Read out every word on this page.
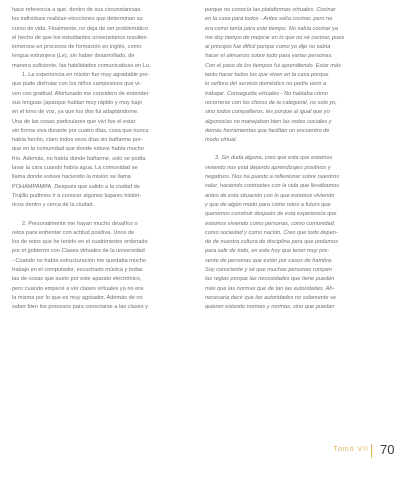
hace referencia a que, dentro de sus circunstancias,

los individuos realizan elecciones que determinan su

curso de vida. Finalmente, no deja de ser problemático

el hecho de que los estudiantes universitarios resulten

inmersos en procesos de formación en inglés, como

lengua extranjera (Le), sin haber desarrollado, de

manera suficiente, las habilidades comunicativas en Lu.

1. La experiencia en misión fue muy agradable por-

que pude disfrutar con los niños campesinos que vi-

ven con gratitud. Afortunado me considero de entender

sus lenguas (aparque hablan muy rápido y muy bajo

en el tono de voz, ya que los dos fui adaptándome.

Una de las cosas particulares que viví fue el estar

sin forma viva durante por cuatro días, cosa que nunca

había hecho, claro todos esos días sin bañarme por-

que en la comunidad que donde estuve había mucho

frío. Además, no había donde bañarme, solo se podía

lavar la cara cuando había agua. La comunidad se

llama donde estuve haciendo la misión se llama

POHAMPAMPA. Después que salido a la ciudad de

Trujillo pudimos ir a conocer algunos lugares históri-

ricos dentro y cerca de la ciudad.

2. Personalmente me hayan mucho desafíos o

retos para enfrentar con actitud positiva. Unos de

los de retos que he tenido en el cuatrimestre ordenado

por el gobierno con Clases virtuales de la universidad

- Cuando no había estructuración me quedaba mucho

trabajo en el computador, escuchado música y todas

las de cosas que suelo por este aparato electrónico,

pero cuando empecé a ver clases virtuales ya no era

la misma por lo que es muy agotador. Además de no

saber bien los procesos para conectarse a las clases y

porque no conocía las plataformas virtuales. Cocinar

en la casa para todos - Antes solía cocinar, pero no

era como tenía para este tiempo. No sabía cocinar ya

me doy tiempo de mejorar en lo que no sé cocinar, pues

al principio fue difícil porque como yo dije no sabía

hacer el almuerzo sobre todo para varias personas.

Con el paso de los tiempos fui aprendiendo. Estar más

tanto hacer todos los que viven en la casa porque

lo señora del servicio doméstico no podía venir a

trabajar. Conseguida virtuales - No hablaba cómo

recorrerse con los chicos de la categorial, no solo yo,

sino todos compañeros, les porque al igual que yo

algunos/as no manejaban bien las redes sociales y

demás herramientas que facilitan un encuentro de

modo virtual.

3. Sin duda alguna, creo que esta que estamos

viviendo nos está dejando aprendizajes positivos y

negativos. Nos ha puesto a reflexionar sobre nuestros

valor, haciendo contrastes con la vida que llevábamos

antes de esta situación con lo que estamos viviendo

y que de algún modo para cómo retos a futuro que

queremos construir después de esta experiencia que

estamos viviendo como personas, como comunidad,

como sociedad y como nación. Creo que todo depen-

de de nuestra cultura de disciplina para que podamos

para salir de todo, en este hoy que tener muy pre-

sente de personas que están por casos de hambre.

Soy consciente y sé que muchas personas rompen

las reglas porque las necesidades que tiene pueden

más que las normas que de tan las autoridades. Ah-

necesaria decir que las autoridades no solamente se

quieren estando normas y normas, sino que puedan

Tomo VII 70
